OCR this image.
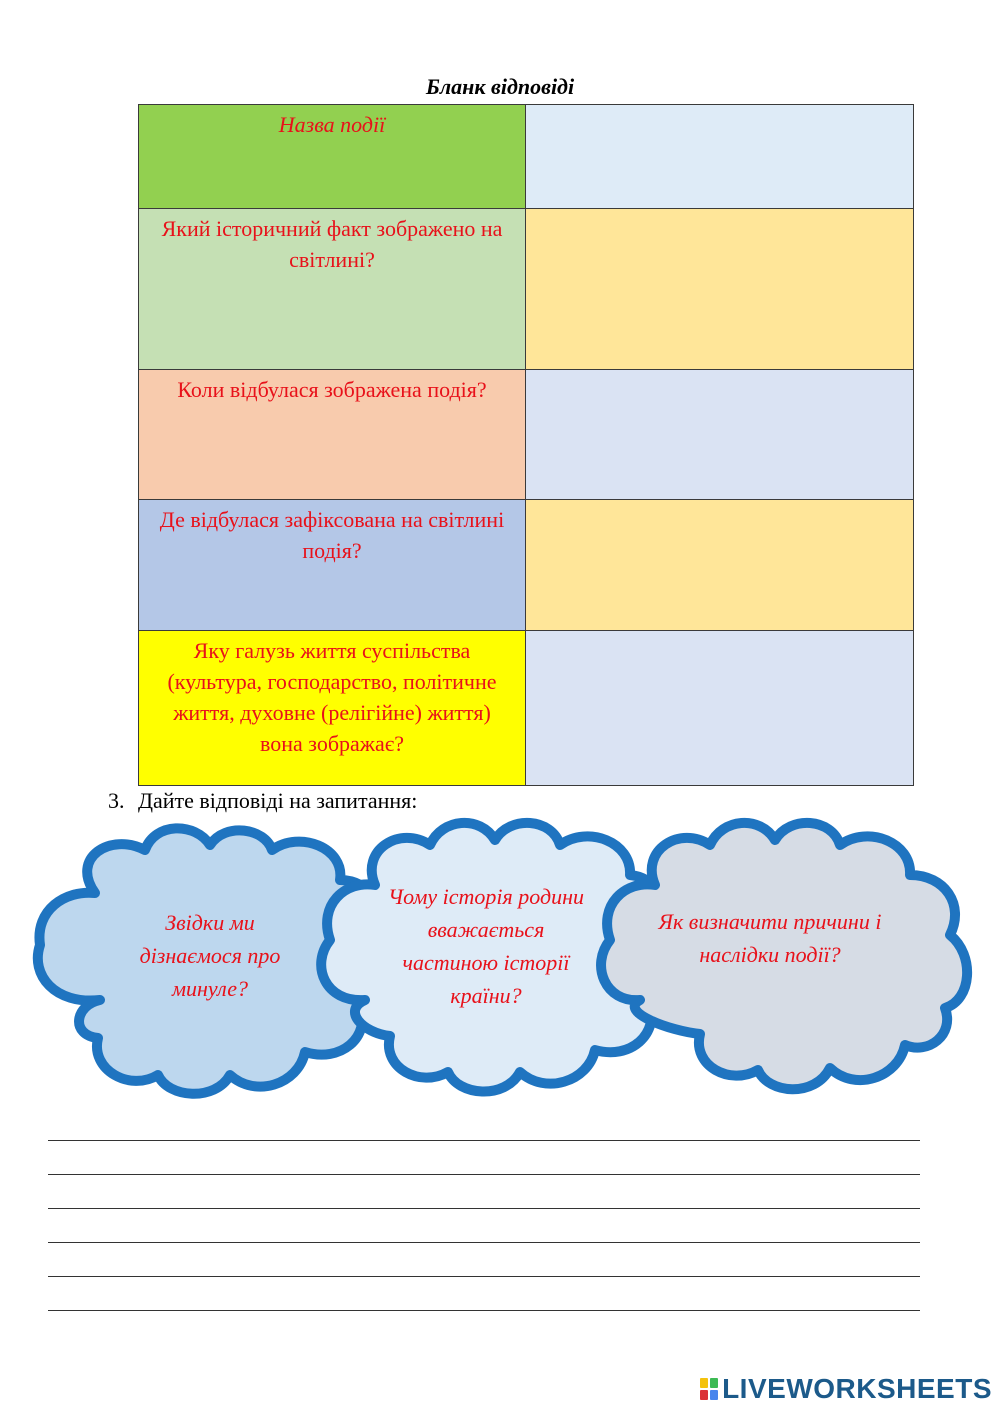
Бланк відповіді
Назва події	

Який історичний факт зображено на світлині?	

Коли відбулася зображена подія?	

Де відбулася зафіксована на світлині подія?	

Яку галузь життя суспільства (культура, господарство, політичне життя, духовне (релігійне) життя) вона зображає?	

3. Дайте відповіді на запитання:
Звідки ми дізнаємося про минуле?
Чому історія родини вважається частиною історії країни?
Як визначити причини і наслідки події?
LIVEWORKSHEETS
